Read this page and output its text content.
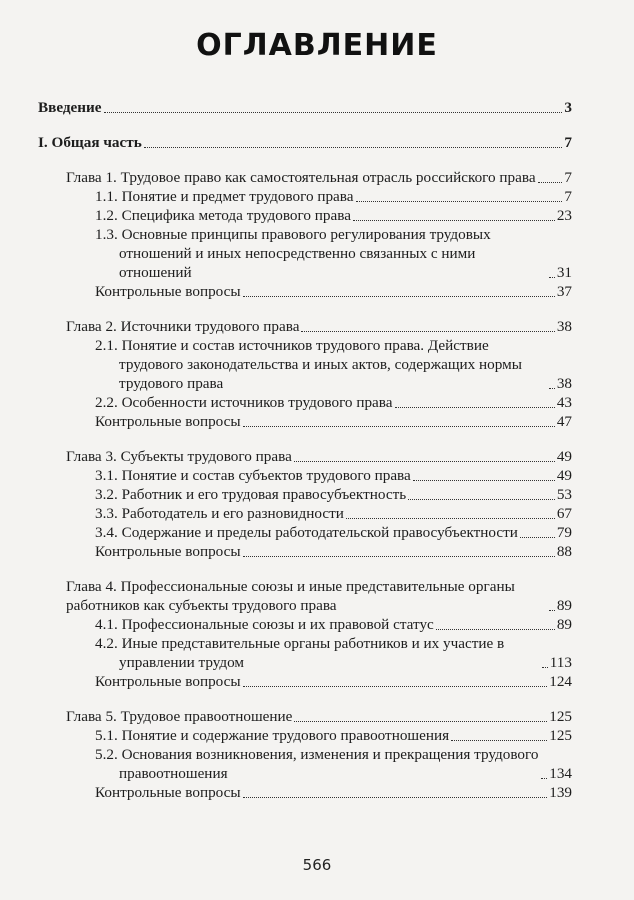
ОГЛАВЛЕНИЕ
Введение	3
I. Общая часть	7
Глава 1. Трудовое право как самостоятельная отрасль российского права 7
1.1. Понятие и предмет трудового права	7
1.2. Специфика метода трудового права	23
1.3. Основные принципы правового регулирования трудовых отношений и иных непосредственно связанных с ними отношений	31
Контрольные вопросы	37
Глава 2. Источники трудового права	38
2.1. Понятие и состав источников трудового права. Действие трудового законодательства и иных актов, содержащих нормы трудового права	38
2.2. Особенности источников трудового права	43
Контрольные вопросы	47
Глава 3. Субъекты трудового права	49
3.1. Понятие и состав субъектов трудового права	49
3.2. Работник и его трудовая правосубъектность	53
3.3. Работодатель и его разновидности	67
3.4. Содержание и пределы работодательской правосубъектности	79
Контрольные вопросы	88
Глава 4. Профессиональные союзы и иные представительные органы работников как субъекты трудового права	89
4.1. Профессиональные союзы и их правовой статус	89
4.2. Иные представительные органы работников и их участие в управлении трудом	113
Контрольные вопросы	124
Глава 5. Трудовое правоотношение	125
5.1. Понятие и содержание трудового правоотношения	125
5.2. Основания возникновения, изменения и прекращения трудового правоотношения	134
Контрольные вопросы	139
566
